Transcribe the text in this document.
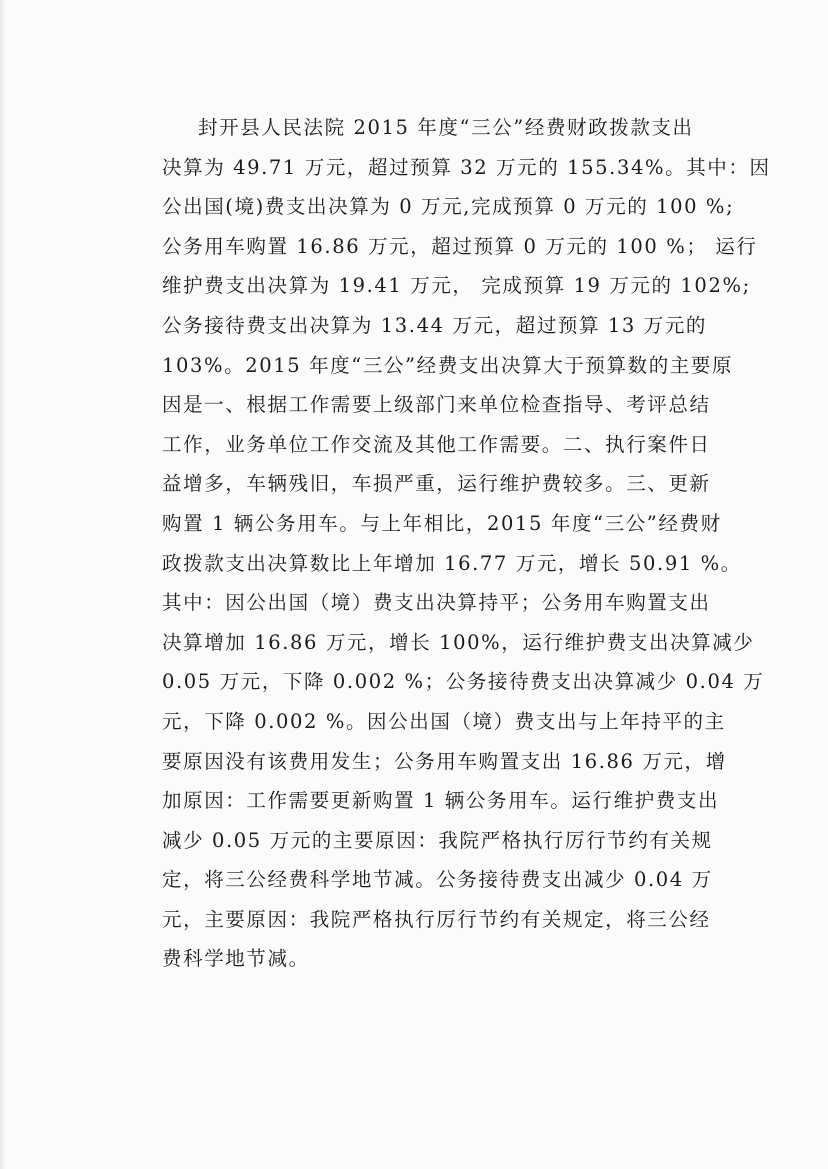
封开县人民法院 2015 年度“三公”经费财政拨款支出
决算为 49.71 万元，超过预算 32 万元的 155.34%。其中：因
公出国(境)费支出决算为 0 万元,完成预算 0 万元的 100 %;
公务用车购置 16.86 万元，超过预算 0 万元的 100 %； 运行
维护费支出决算为 19.41 万元， 完成预算 19 万元的 102%;
公务接待费支出决算为 13.44 万元，超过预算 13 万元的
103%。2015 年度“三公”经费支出决算大于预算数的主要原
因是一、根据工作需要上级部门来单位检查指导、考评总结
工作，业务单位工作交流及其他工作需要。二、执行案件日
益增多，车辆残旧，车损严重，运行维护费较多。三、更新
购置 1 辆公务用车。与上年相比，2015 年度“三公”经费财
政拨款支出决算数比上年增加 16.77 万元，增长 50.91 %。
其中：因公出国（境）费支出决算持平；公务用车购置支出
决算增加 16.86 万元，增长 100%，运行维护费支出决算减少
0.05 万元，下降 0.002 %；公务接待费支出决算减少 0.04 万
元，下降 0.002 %。因公出国（境）费支出与上年持平的主
要原因没有该费用发生；公务用车购置支出 16.86 万元，增
加原因：工作需要更新购置 1 辆公务用车。运行维护费支出
减少 0.05 万元的主要原因：我院严格执行厉行节约有关规
定，将三公经费科学地节减。公务接待费支出减少 0.04 万
元，主要原因：我院严格执行厉行节约有关规定，将三公经
费科学地节减。
